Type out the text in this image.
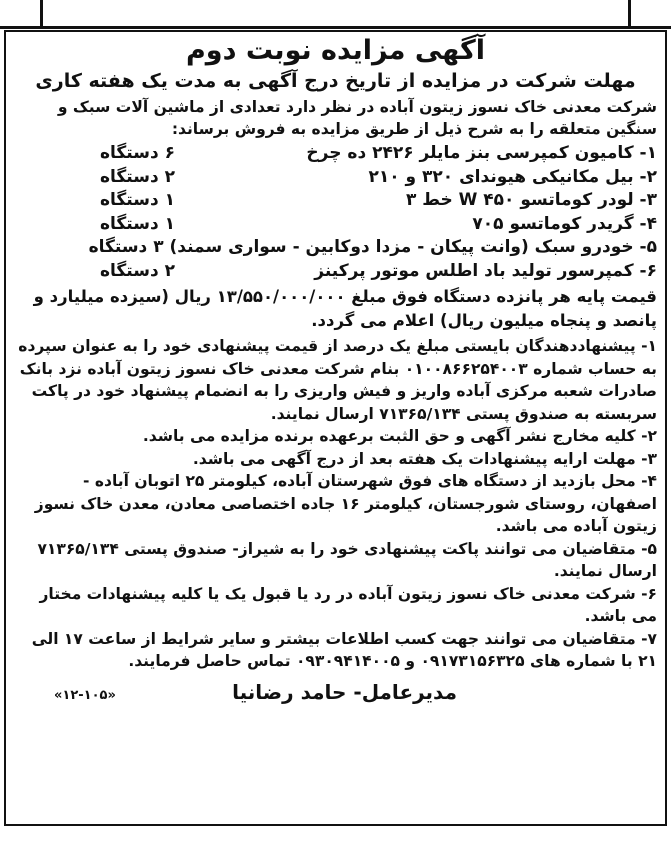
آگهی مزایده نوبت دوم
مهلت شرکت در مزایده از تاریخ درج آگهی به مدت یک هفته کاری

شرکت معدنی خاک نسوز زیتون آباده در نظر دارد تعدادی از ماشین آلات سبک و سنگین متعلقه را به شرح ذیل از طریق مزایده به فروش برساند:

۱- کامیون کمپرسی بنز مایلر ۲۴۲۶ ده چرخ
۶ دستگاه
۲- بیل مکانیکی هیوندای ۳۲۰ و ۲۱۰
۲ دستگاه
۳- لودر کوماتسو W ۴۵۰ خط ۳
۱ دستگاه
۴- گریدر کوماتسو ۷۰۵
۱ دستگاه
۵- خودرو سبک (وانت پیکان - مزدا دوکابین - سواری سمند) ۳ دستگاه
۶- کمپرسور تولید باد اطلس موتور پرکینز
۲ دستگاه

قیمت پایه هر پانزده دستگاه فوق مبلغ ۱۳/۵۵۰/۰۰۰/۰۰۰ ریال (سیزده میلیارد و پانصد و پنجاه میلیون ریال) اعلام می گردد.

۱- پیشنهاددهندگان بایستی مبلغ یک درصد از قیمت پیشنهادی خود را به عنوان سپرده به حساب شماره ۰۱۰۰۸۶۶۲۵۴۰۰۳ بنام شرکت معدنی خاک نسوز زیتون آباده نزد بانک صادرات شعبه مرکزی آباده واریز و فیش واریزی را به انضمام پیشنهاد خود در پاکت سربسته به صندوق پستی ۷۱۳۶۵/۱۳۴ ارسال نمایند.

۲- کلیه مخارج نشر آگهی و حق الثبت برعهده برنده مزایده می باشد.

۳- مهلت ارایه پیشنهادات یک هفته بعد از درج آگهی می باشد.

۴- محل بازدید از دستگاه های فوق شهرستان آباده، کیلومتر ۲۵ اتوبان آباده - اصفهان، روستای شورجستان، کیلومتر ۱۶ جاده اختصاصی معادن، معدن خاک نسوز زیتون آباده می باشد.

۵- متقاضیان می توانند پاکت پیشنهادی خود را به شیراز- صندوق پستی ۷۱۳۶۵/۱۳۴ ارسال نمایند.

۶- شرکت معدنی خاک نسوز زیتون آباده در رد یا قبول یک یا کلیه پیشنهادات مختار می باشد.

۷- متقاضیان می توانند جهت کسب اطلاعات بیشتر و سایر شرایط از ساعت ۱۷ الی ۲۱ با شماره های ۰۹۱۷۳۱۵۶۳۲۵ و ۰۹۳۰۹۴۱۴۰۰۵ تماس حاصل فرمایند.

مدیرعامل- حامد رضانیا
«۱۲-۱۰۵»
